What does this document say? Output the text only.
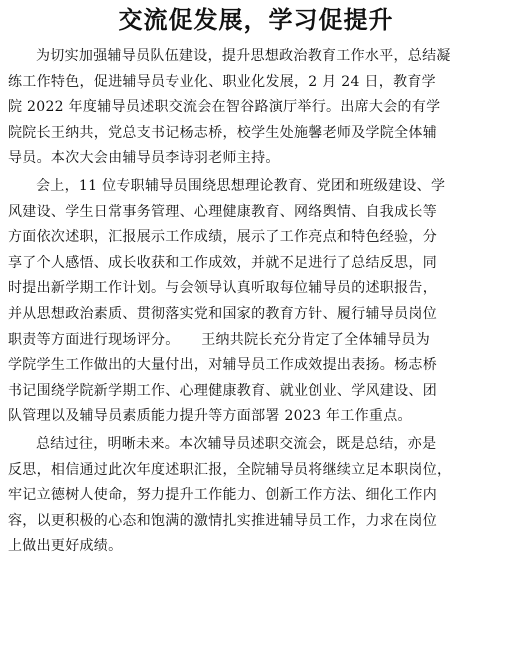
交流促发展，学习促提升

为切实加强辅导员队伍建设，提升思想政治教育工作水平，总结凝
练工作特色，促进辅导员专业化、职业化发展，2 月 24 日，教育学
院 2022 年度辅导员述职交流会在智谷路演厅举行。出席大会的有学
院院长王纳共，党总支书记杨志桥，校学生处施馨老师及学院全体辅
导员。本次大会由辅导员李诗羽老师主持。

会上，11 位专职辅导员围绕思想理论教育、党团和班级建设、学
风建设、学生日常事务管理、心理健康教育、网络舆情、自我成长等
方面依次述职，汇报展示工作成绩，展示了工作亮点和特色经验，分
享了个人感悟、成长收获和工作成效，并就不足进行了总结反思，同
时提出新学期工作计划。与会领导认真听取每位辅导员的述职报告，
并从思想政治素质、贯彻落实党和国家的教育方针、履行辅导员岗位
职责等方面进行现场评分。　　王纳共院长充分肯定了全体辅导员为
学院学生工作做出的大量付出，对辅导员工作成效提出表扬。杨志桥
书记围绕学院新学期工作、心理健康教育、就业创业、学风建设、团
队管理以及辅导员素质能力提升等方面部署 2023 年工作重点。

总结过往，明晰未来。本次辅导员述职交流会，既是总结，亦是
反思，相信通过此次年度述职汇报，全院辅导员将继续立足本职岗位，
牢记立德树人使命，努力提升工作能力、创新工作方法、细化工作内
容，以更积极的心态和饱满的激情扎实推进辅导员工作，力求在岗位
上做出更好成绩。
